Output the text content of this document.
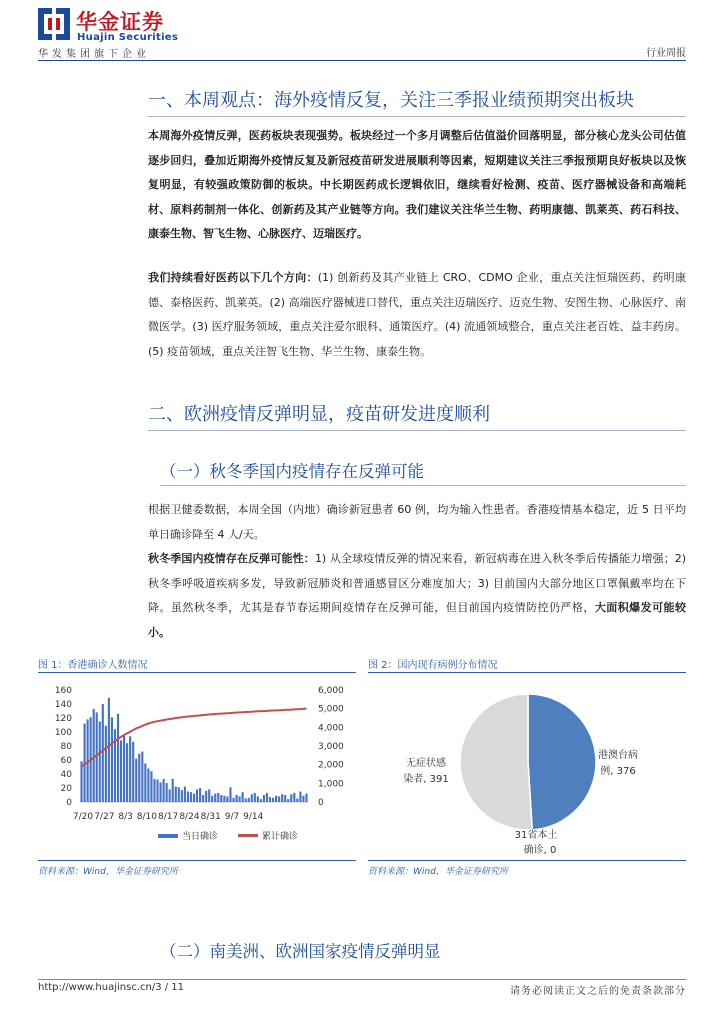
华金证券
Huajin Securities
华发集团旗下企业	行业周报
一、本周观点：海外疫情反复，关注三季报业绩预期突出板块

本周海外疫情反弹，医药板块表现强势。板块经过一个多月调整后估值溢价回落明显，部分核心龙头公司估值逐步回归，叠加近期海外疫情反复及新冠疫苗研发进展顺利等因素，短期建议关注三季报预期良好板块以及恢复明显，有较强政策防御的板块。中长期医药成长逻辑依旧，继续看好检测、疫苗、医疗器械设备和高端耗材、原料药制剂一体化、创新药及其产业链等方向。我们建议关注华兰生物、药明康德、凯莱英、药石科技、康泰生物、智飞生物、心脉医疗、迈瑞医疗。

我们持续看好医药以下几个方向：(1) 创新药及其产业链上 CRO、CDMO 企业，重点关注恒瑞医药、药明康德、泰格医药、凯莱英。(2) 高端医疗器械进口替代，重点关注迈瑞医疗、迈克生物、安图生物、心脉医疗、南微医学。(3) 医疗服务领域，重点关注爱尔眼科、通策医疗。(4) 流通领域整合，重点关注老百姓、益丰药房。(5) 疫苗领域，重点关注智飞生物、华兰生物、康泰生物。

二、欧洲疫情反弹明显，疫苗研发进度顺利
（一）秋冬季国内疫情存在反弹可能

根据卫健委数据，本周全国（内地）确诊新冠患者 60 例，均为输入性患者。香港疫情基本稳定，近 5 日平均单日确诊降至 4 人/天。

秋冬季国内疫情存在反弹可能性：1) 从全球疫情反弹的情况来看，新冠病毒在进入秋冬季后传播能力增强；2) 秋冬季呼吸道疾病多发，导致新冠肺炎和普通感冒区分难度加大；3) 目前国内大部分地区口罩佩戴率均在下降。虽然秋冬季，尤其是春节春运期间疫情存在反弹可能，但目前国内疫情防控仍严格，大面积爆发可能较小。

图 1：香港确诊人数情况
0
20
40
60
80
100
120
140
160
0
1,000
2,000
3,000
4,000
5,000
6,000
7/20 7/27 8/3 8/10 8/17 8/24 8/31 9/7 9/14
当日确诊	累计确诊
资料来源：Wind，华金证券研究所
图 2：国内现有病例分布情况
港澳台病
例, 376
无症状感
染者, 391
31省本土
确诊, 0
资料来源：Wind，华金证券研究所
（二）南美洲、欧洲国家疫情反弹明显
http://www.huajinsc.cn/3 / 11	请务必阅读正文之后的免责条款部分
